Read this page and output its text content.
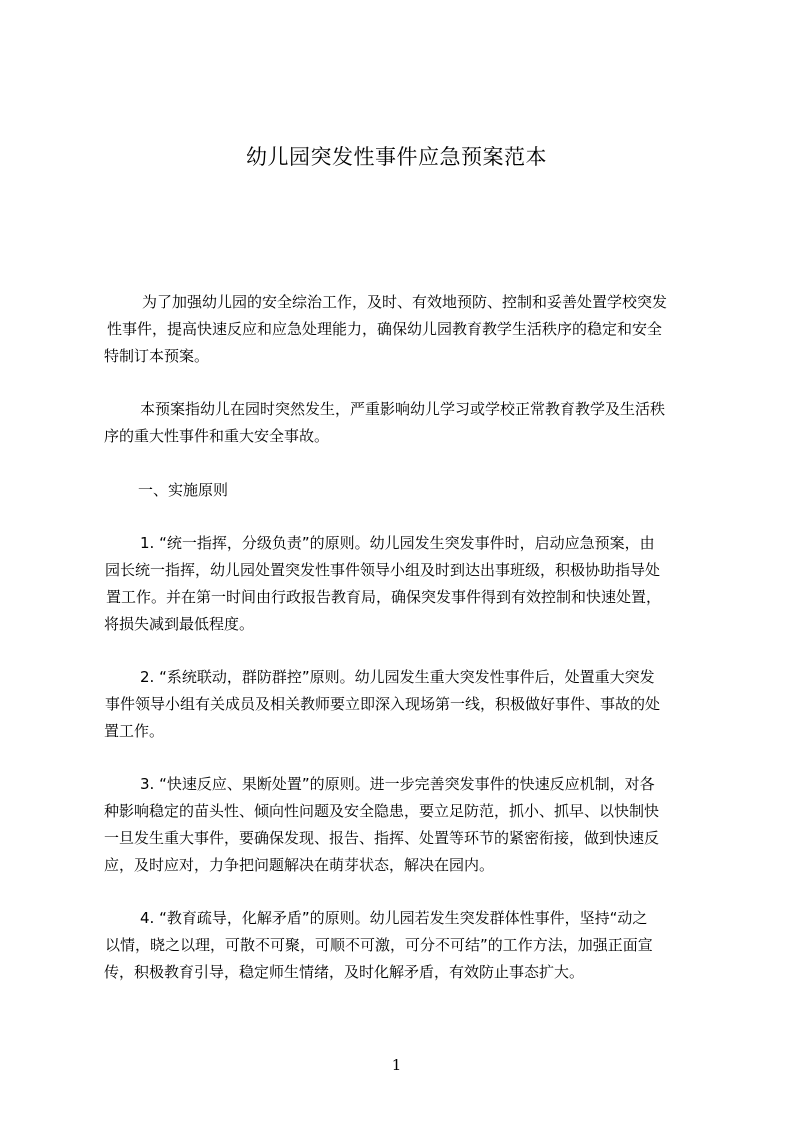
幼儿园突发性事件应急预案范本

为了加强幼儿园的安全综治工作，及时、有效地预防、控制和妥善处置学校突发

性事件，提高快速反应和应急处理能力，确保幼儿园教育教学生活秩序的稳定和安全

特制订本预案。

本预案指幼儿在园时突然发生，严重影响幼儿学习或学校正常教育教学及生活秩

序的重大性事件和重大安全事故。

一、实施原则

1. “统一指挥，分级负责”的原则。幼儿园发生突发事件时，启动应急预案，由

园长统一指挥，幼儿园处置突发性事件领导小组及时到达出事班级，积极协助指导处

置工作。并在第一时间由行政报告教育局，确保突发事件得到有效控制和快速处置，

将损失减到最低程度。

2. “系统联动，群防群控”原则。幼儿园发生重大突发性事件后，处置重大突发

事件领导小组有关成员及相关教师要立即深入现场第一线，积极做好事件、事故的处

置工作。

3. “快速反应、果断处置”的原则。进一步完善突发事件的快速反应机制，对各

种影响稳定的苗头性、倾向性问题及安全隐患，要立足防范，抓小、抓早、以快制快

一旦发生重大事件，要确保发现、报告、指挥、处置等环节的紧密衔接，做到快速反

应，及时应对，力争把问题解决在萌芽状态，解决在园内。

4. “教育疏导，化解矛盾”的原则。幼儿园若发生突发群体性事件，坚持“动之

以情，晓之以理，可散不可聚，可顺不可激，可分不可结”的工作方法，加强正面宣

传，积极教育引导，稳定师生情绪，及时化解矛盾，有效防止事态扩大。

1
